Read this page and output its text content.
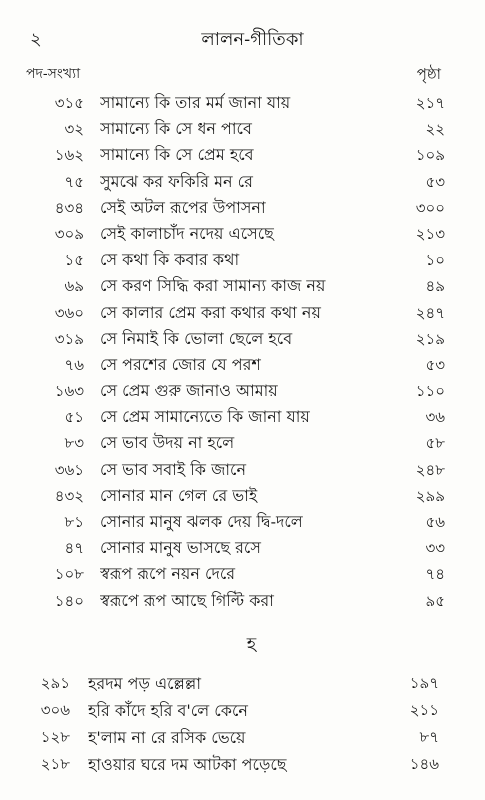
২	লালন-গীতিকা
পদ-সংখ্যা	পৃষ্ঠা
৩১৫ সামান্যে কি তার মর্ম জানা যায়	২১৭
৩২ সামান্যে কি সে ধন পাবে	২২
১৬২ সামান্যে কি সে প্রেম হবে	১০৯
৭৫ সুমঝে কর ফকিরি মন রে	৫৩
৪৩৪ সেই অটল রূপের উপাসনা	৩০০
৩০৯ সেই কালাচাঁদ নদেয় এসেছে	২১৩
১৫ সে কথা কি কবার কথা	১০
৬৯ সে করণ সিদ্ধি করা সামান্য কাজ নয়	৪৯
৩৬০ সে কালার প্রেম করা কথার কথা নয়	২৪৭
৩১৯ সে নিমাই কি ভোলা ছেলে হবে	২১৯
৭৬ সে পরশের জোর যে পরশ	৫৩
১৬৩ সে প্রেম গুরু জানাও আমায়	১১০
৫১ সে প্রেম সামান্যেতে কি জানা যায়	৩৬
৮৩ সে ভাব উদয় না হলে	৫৮
৩৬১ সে ভাব সবাই কি জানে	২৪৮
৪৩২ সোনার মান গেল রে ভাই	২৯৯
৮১ সোনার মানুষ ঝলক দেয় দ্বি-দলে	৫৬
৪৭ সোনার মানুষ ভাসছে রসে	৩৩
১০৮ স্বরূপ রূপে নয়ন দেরে	৭৪
১৪০ স্বরূপে রূপ আছে গিল্টি করা	৯৫
হ
২৯১ হরদম পড় এল্লেল্লা	১৯৭
৩০৬ হরি কাঁদে হরি ব'লে কেনে	২১১
১২৮ হ'লাম না রে রসিক ভেয়ে	৮৭
২১৮ হাওয়ার ঘরে দম আটকা পড়েছে	১৪৬
